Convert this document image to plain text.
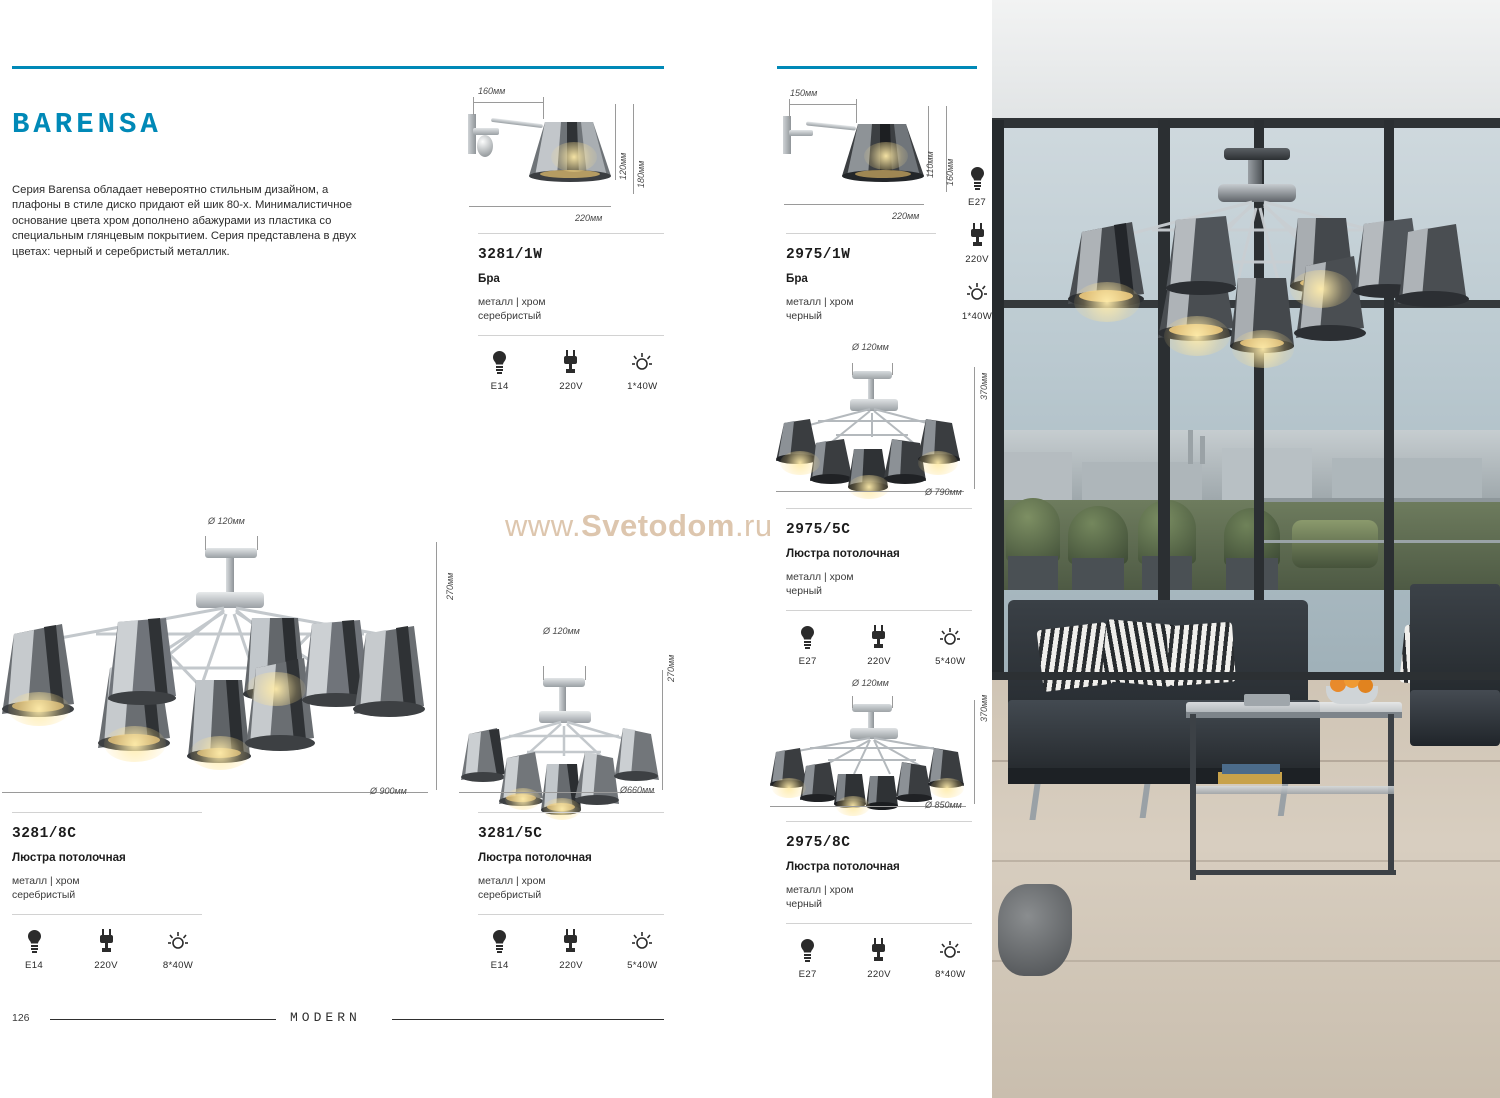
BARENSA
Серия Barensa обладает невероятно стильным дизайном, а плафоны в стиле диско придают ей шик 80-х. Минималистичное основание цвета хром дополнено абажурами из пластика со специальным глянцевым покрытием. Серия представлена в двух цветах: черный и серебристый металлик.
160мм
120мм 180мм
220мм
3281/1W
Бра
металл | хром
серебристый
E14	220V	1*40W
150мм
110мм 160мм
220мм
2975/1W
Бра
металл | хром
черный
E27
220V
1*40W
Ø 120мм
370мм
Ø 790мм
2975/5C
Люстра потолочная
металл | хром
черный
E27	220V	5*40W
Ø 120мм
370мм
Ø 850мм
2975/8C
Люстра потолочная
металл | хром
черный
E27	220V	8*40W
Ø 120мм
270мм
Ø 900мм
3281/8C
Люстра потолочная
металл | хром
серебристый
E14	220V	8*40W
Ø 120мм
270мм
Ø660мм
3281/5C
Люстра потолочная
металл | хром
серебристый
E14	220V	5*40W
www.Svetodom.ru
126	MODERN
